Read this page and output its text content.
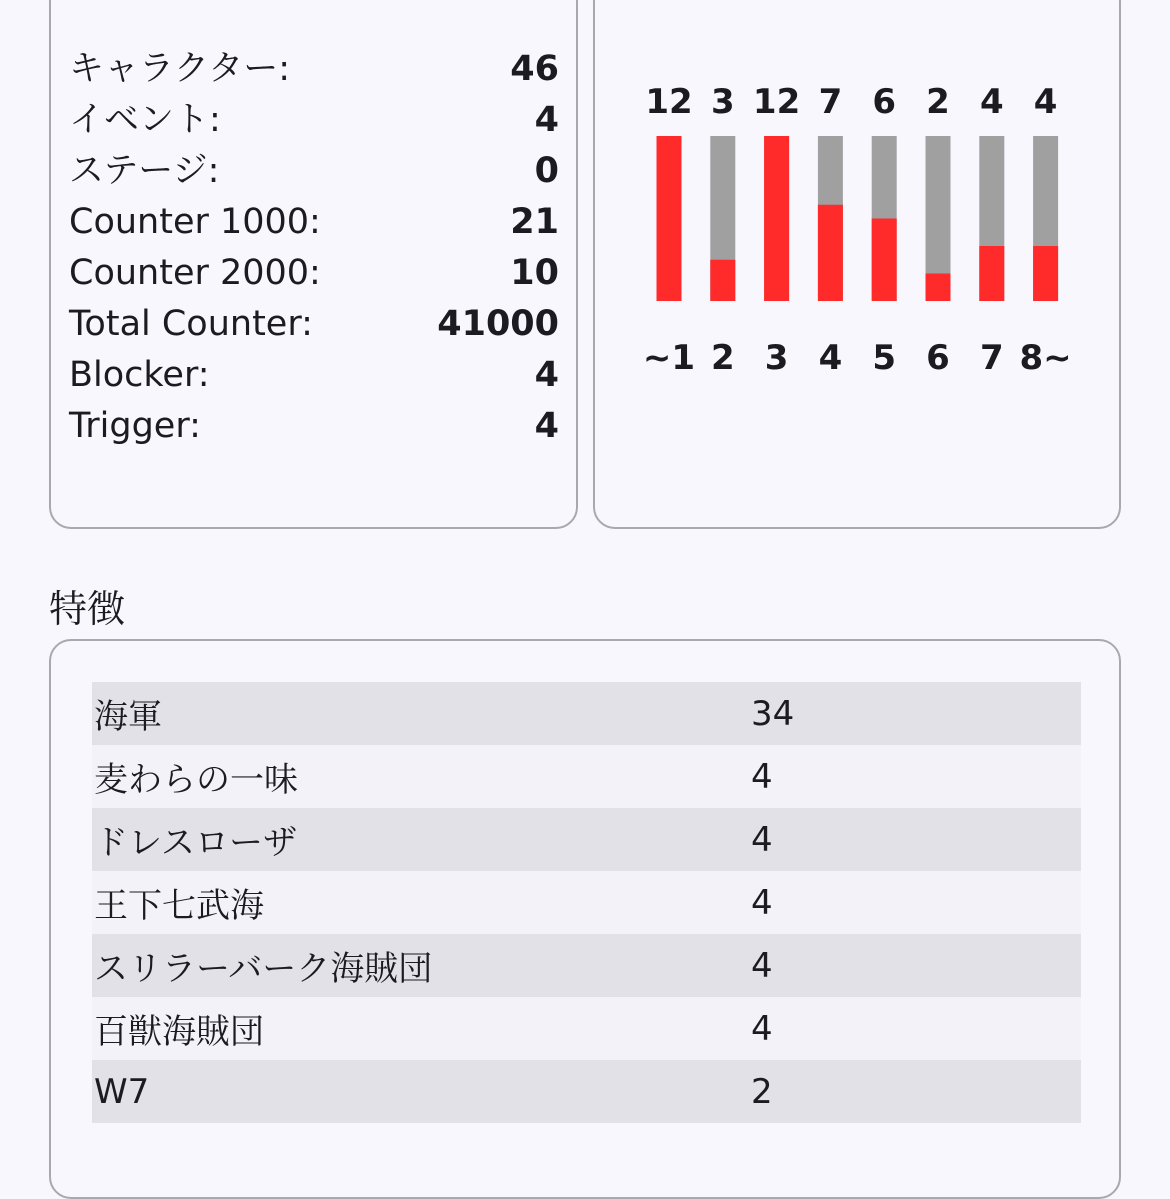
キャラクター:	46
イベント:	4
ステージ:	0
Counter 1000:	21
Counter 2000:	10
Total Counter:	41000
Blocker:	4
Trigger:	4
12
~1
3
2
12
3
7
4
6
5
2
6
4
7
4
8~
特徴
海軍	34
麦わらの一味	4
ドレスローザ	4
王下七武海	4
スリラーバーク海賊団	4
百獣海賊団	4
W7	2
